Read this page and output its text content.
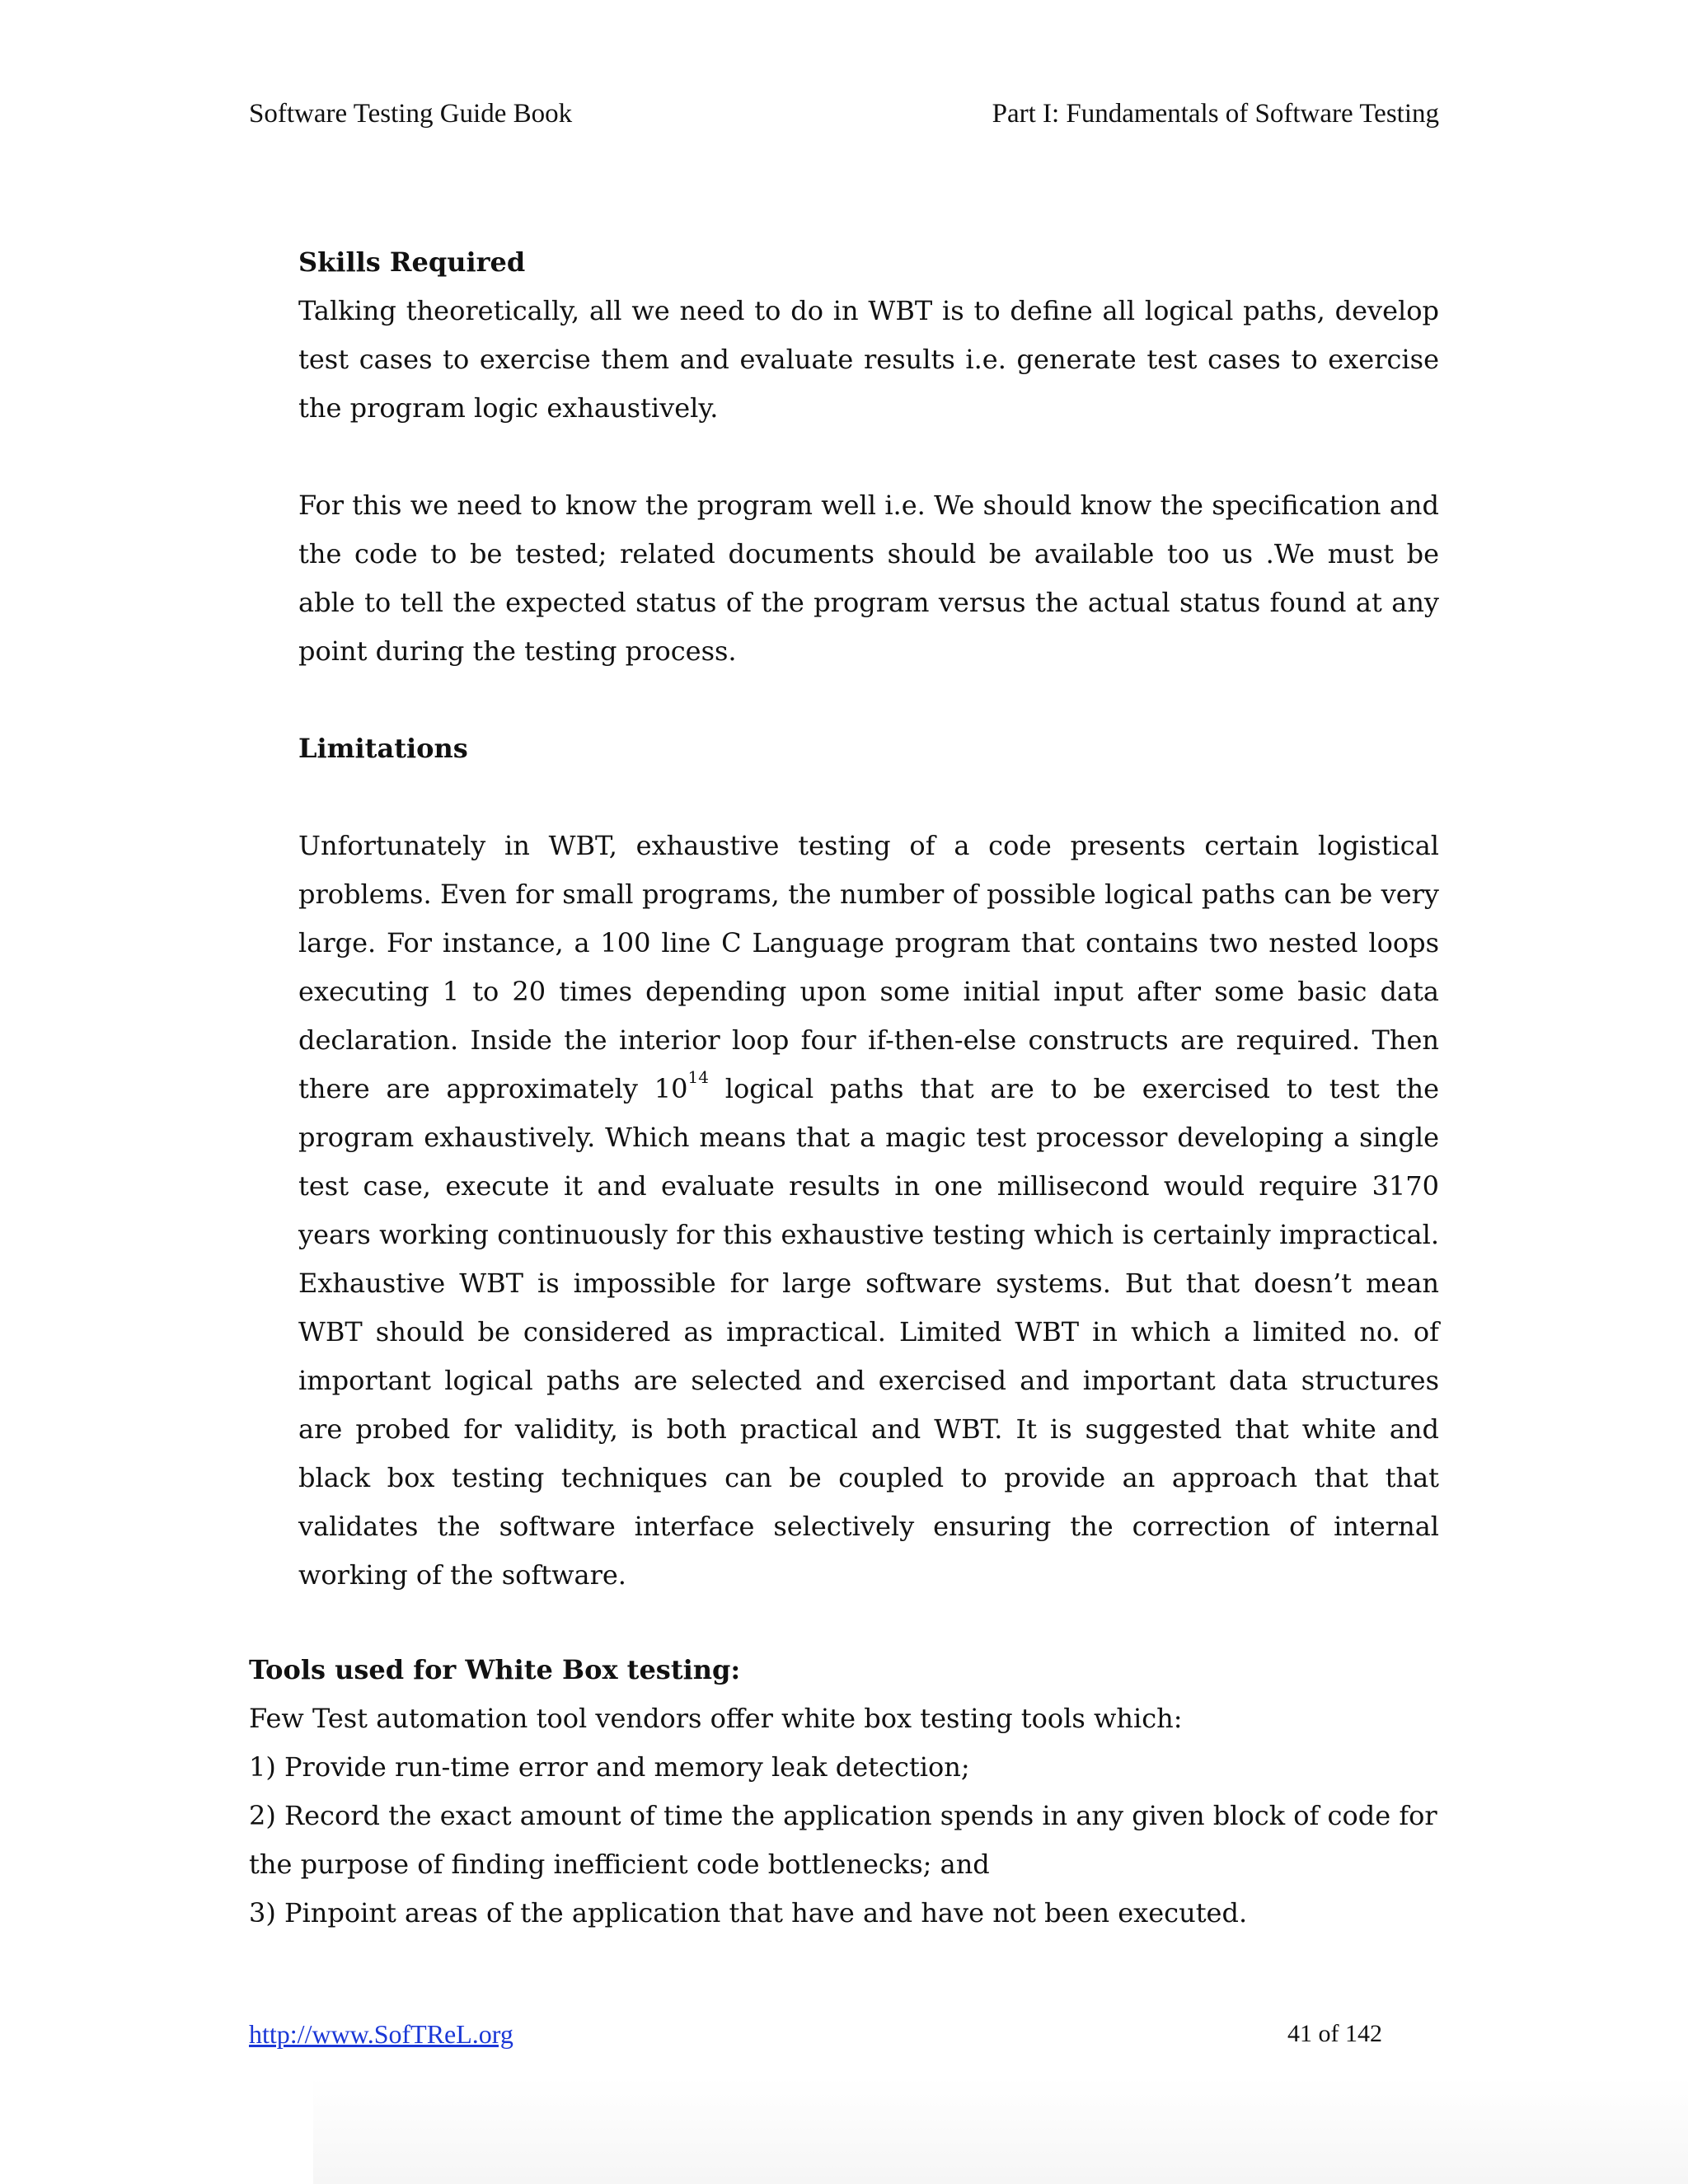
Software Testing Guide Book	Part I: Fundamentals of Software Testing

Skills Required

Talking theoretically, all we need to do in WBT is to define all logical paths, develop test cases to exercise them and evaluate results i.e. generate test cases to exercise the program logic exhaustively.

For this we need to know the program well i.e. We should know the specification and the code to be tested; related documents should be available too us .We must be able to tell the expected status of the program versus the actual status found at any point during the testing process.

Limitations

Unfortunately in WBT, exhaustive testing of a code presents certain logistical problems. Even for small programs, the number of possible logical paths can be very large. For instance, a 100 line C Language program that contains two nested loops executing 1 to 20 times depending upon some initial input after some basic data declaration. Inside the interior loop four if-then-else constructs are required. Then there are approximately $10^{14}$ logical paths that are to be exercised to test the program exhaustively. Which means that a magic test processor developing a single test case, execute it and evaluate results in one millisecond would require 3170 years working continuously for this exhaustive testing which is certainly impractical. Exhaustive WBT is impossible for large software systems. But that doesn’t mean WBT should be considered as impractical. Limited WBT in which a limited no. of important logical paths are selected and exercised and important data structures are probed for validity, is both practical and WBT. It is suggested that white and black box testing techniques can be coupled to provide an approach that that validates the software interface selectively ensuring the correction of internal working of the software.

Tools used for White Box testing:

Few Test automation tool vendors offer white box testing tools which:

1) Provide run-time error and memory leak detection;

2) Record the exact amount of time the application spends in any given block of code for the purpose of finding inefficient code bottlenecks; and

3) Pinpoint areas of the application that have and have not been executed.

http://www.SofTReL.org	41 of 142
